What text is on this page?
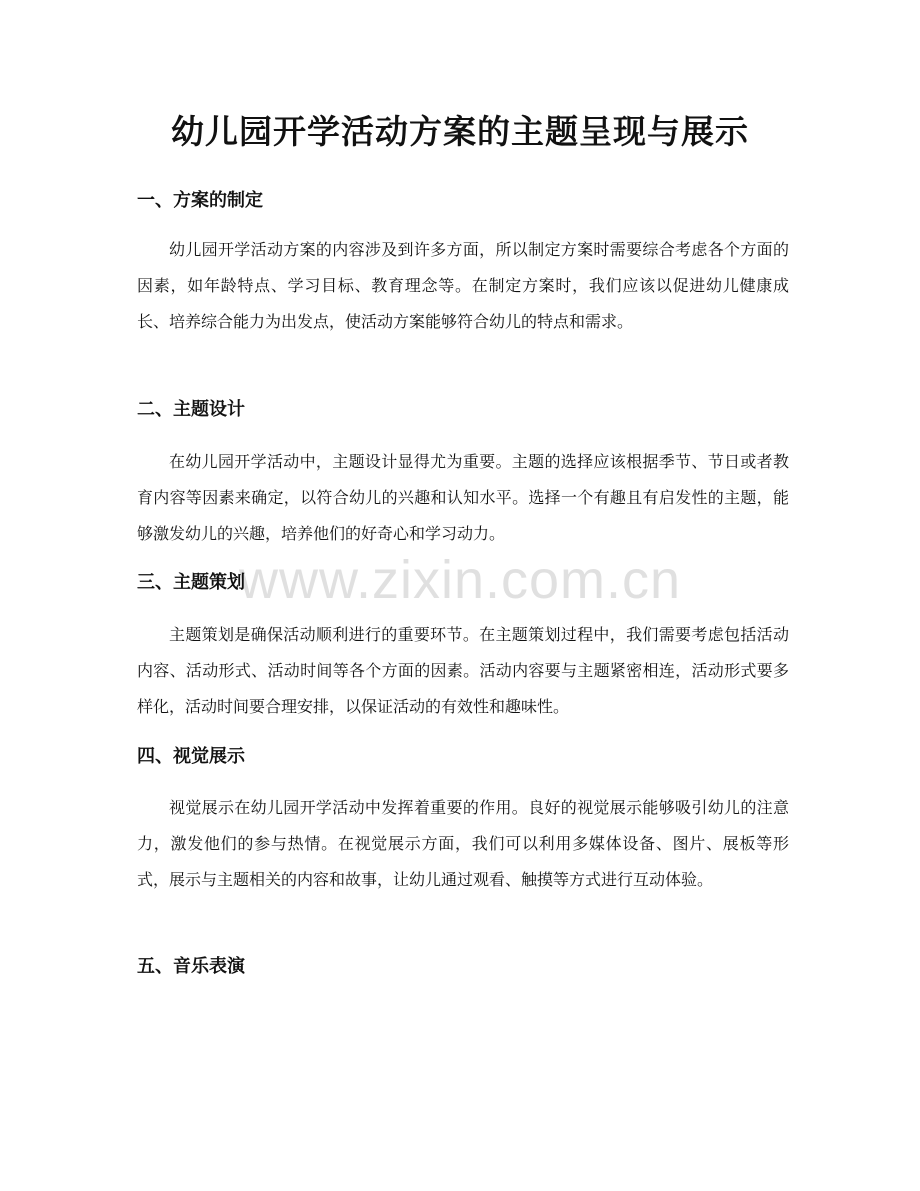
幼儿园开学活动方案的主题呈现与展示
一、方案的制定

幼儿园开学活动方案的内容涉及到许多方面，所以制定方案时需要综合考虑各个方面的因素，如年龄特点、学习目标、教育理念等。在制定方案时，我们应该以促进幼儿健康成长、培养综合能力为出发点，使活动方案能够符合幼儿的特点和需求。

二、主题设计

在幼儿园开学活动中，主题设计显得尤为重要。主题的选择应该根据季节、节日或者教育内容等因素来确定，以符合幼儿的兴趣和认知水平。选择一个有趣且有启发性的主题，能够激发幼儿的兴趣，培养他们的好奇心和学习动力。

www.zixin.com.cn
三、主题策划

主题策划是确保活动顺利进行的重要环节。在主题策划过程中，我们需要考虑包括活动内容、活动形式、活动时间等各个方面的因素。活动内容要与主题紧密相连，活动形式要多样化，活动时间要合理安排，以保证活动的有效性和趣味性。

四、视觉展示

视觉展示在幼儿园开学活动中发挥着重要的作用。良好的视觉展示能够吸引幼儿的注意力，激发他们的参与热情。在视觉展示方面，我们可以利用多媒体设备、图片、展板等形式，展示与主题相关的内容和故事，让幼儿通过观看、触摸等方式进行互动体验。

五、音乐表演
